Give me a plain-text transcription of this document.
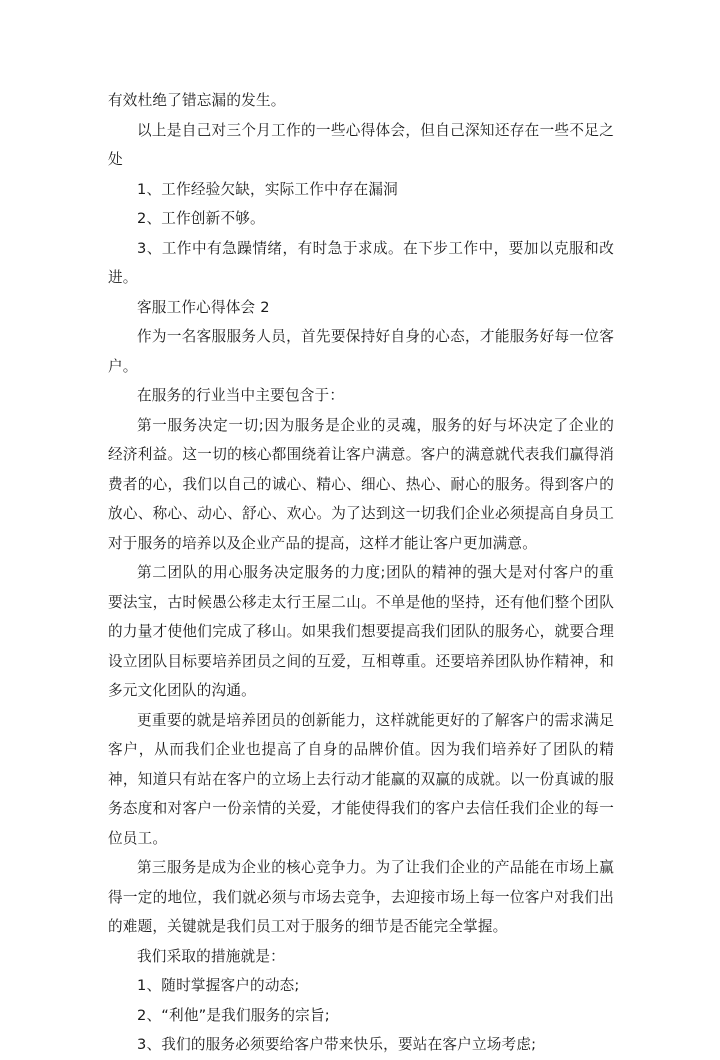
有效杜绝了错忘漏的发生。

以上是自己对三个月工作的一些心得体会，但自己深知还存在一些不足之处

1、工作经验欠缺，实际工作中存在漏洞

2、工作创新不够。

3、工作中有急躁情绪，有时急于求成。在下步工作中，要加以克服和改进。

客服工作心得体会 2

作为一名客服服务人员，首先要保持好自身的心态，才能服务好每一位客户。

在服务的行业当中主要包含于：

第一服务决定一切;因为服务是企业的灵魂，服务的好与坏决定了企业的经济利益。这一切的核心都围绕着让客户满意。客户的满意就代表我们赢得消费者的心，我们以自己的诚心、精心、细心、热心、耐心的服务。得到客户的放心、称心、动心、舒心、欢心。为了达到这一切我们企业必须提高自身员工对于服务的培养以及企业产品的提高，这样才能让客户更加满意。

第二团队的用心服务决定服务的力度;团队的精神的强大是对付客户的重要法宝，古时候愚公移走太行王屋二山。不单是他的坚持，还有他们整个团队的力量才使他们完成了移山。如果我们想要提高我们团队的服务心，就要合理设立团队目标要培养团员之间的互爱，互相尊重。还要培养团队协作精神，和多元文化团队的沟通。

更重要的就是培养团员的创新能力，这样就能更好的了解客户的需求满足客户，从而我们企业也提高了自身的品牌价值。因为我们培养好了团队的精神，知道只有站在客户的立场上去行动才能赢的双赢的成就。以一份真诚的服务态度和对客户一份亲情的关爱，才能使得我们的客户去信任我们企业的每一位员工。

第三服务是成为企业的核心竞争力。为了让我们企业的产品能在市场上赢得一定的地位，我们就必须与市场去竞争，去迎接市场上每一位客户对我们出的难题，关键就是我们员工对于服务的细节是否能完全掌握。

我们采取的措施就是：

1、随时掌握客户的动态;

2、“利他”是我们服务的宗旨;

3、我们的服务必须要给客户带来快乐，要站在客户立场考虑;
